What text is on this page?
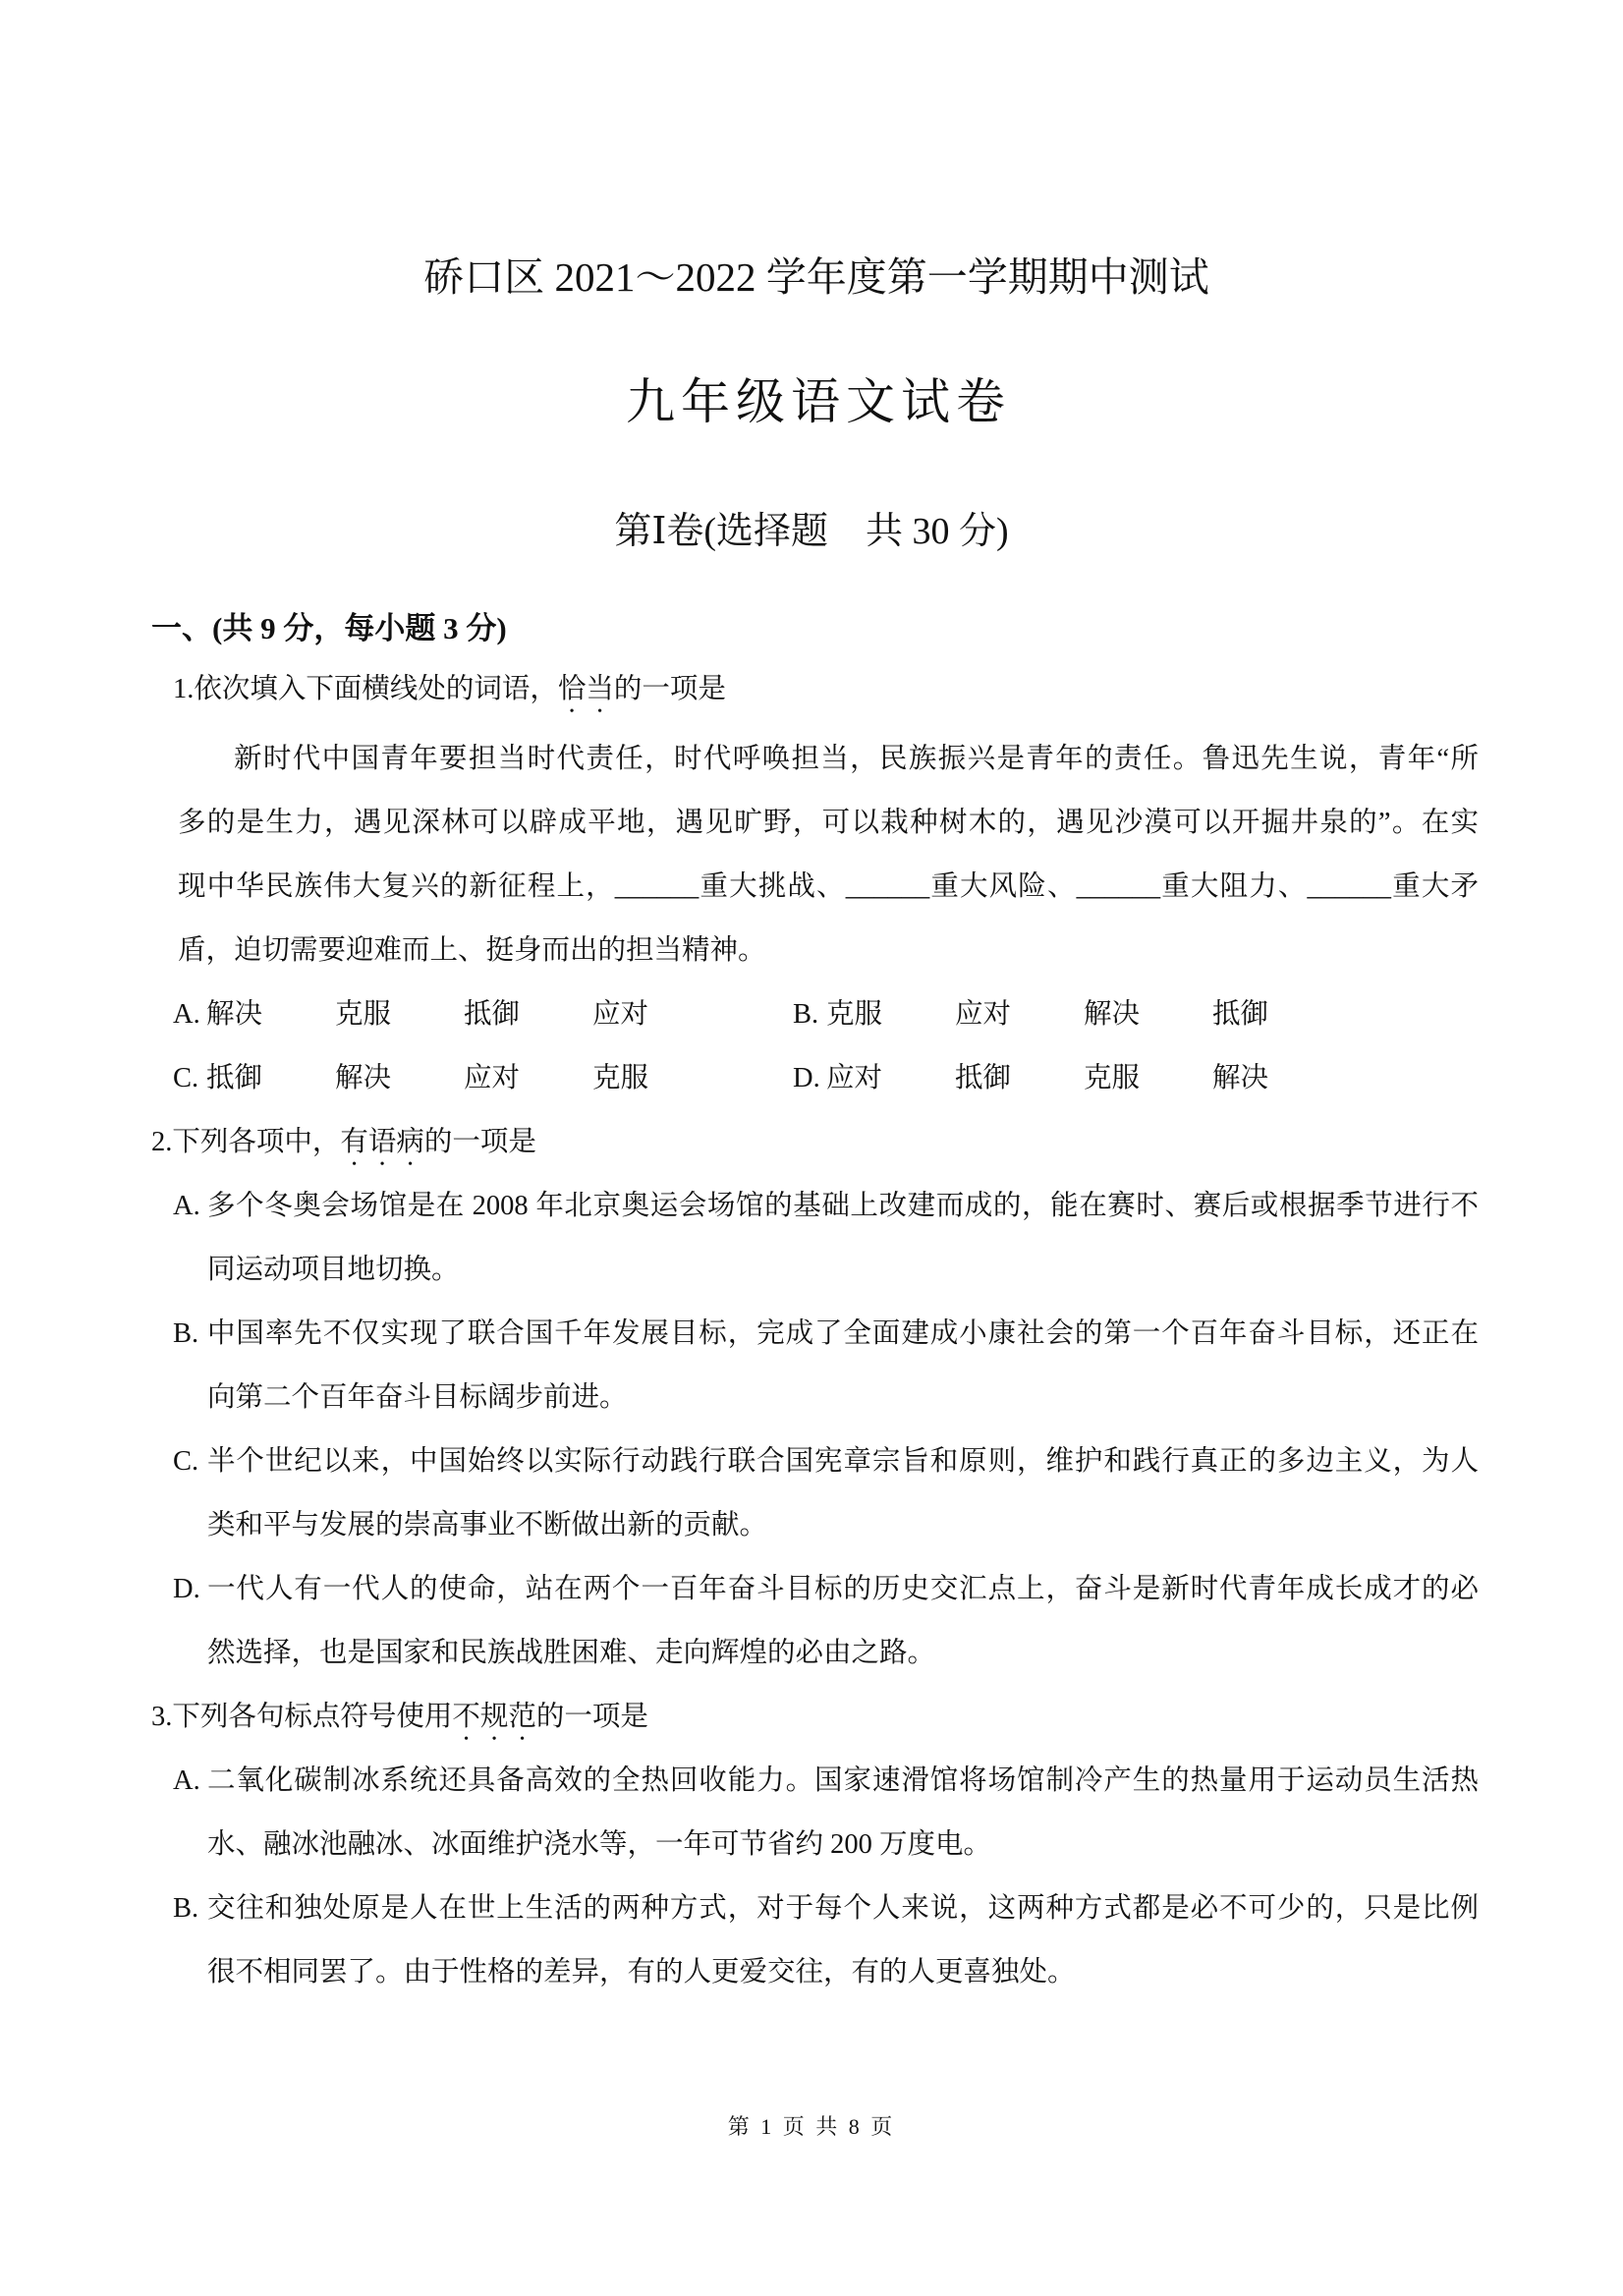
硚口区 2021～2022 学年度第一学期期中测试
九年级语文试卷
第Ⅰ卷(选择题　共 30 分)
一、(共 9 分，每小题 3 分)
1.依次填入下面横线处的词语，恰当的一项是
新时代中国青年要担当时代责任，时代呼唤担当，民族振兴是青年的责任。鲁迅先生说，青年“所
多的是生力，遇见深林可以辟成平地，遇见旷野，可以栽种树木的，遇见沙漠可以开掘井泉的”。在实
现中华民族伟大复兴的新征程上，______重大挑战、______重大风险、______重大阻力、______重大矛
盾，迫切需要迎难而上、挺身而出的担当精神。
A. 解决	克服	抵御	应对	B. 克服	应对	解决	抵御
C. 抵御	解决	应对	克服	D. 应对	抵御	克服	解决
2.下列各项中，有语病的一项是
A. 多个冬奥会场馆是在 2008 年北京奥运会场馆的基础上改建而成的，能在赛时、赛后或根据季节进行不
同运动项目地切换。
B. 中国率先不仅实现了联合国千年发展目标，完成了全面建成小康社会的第一个百年奋斗目标，还正在
向第二个百年奋斗目标阔步前进。
C. 半个世纪以来，中国始终以实际行动践行联合国宪章宗旨和原则，维护和践行真正的多边主义，为人
类和平与发展的崇高事业不断做出新的贡献。
D. 一代人有一代人的使命，站在两个一百年奋斗目标的历史交汇点上，奋斗是新时代青年成长成才的必
然选择，也是国家和民族战胜困难、走向辉煌的必由之路。
3.下列各句标点符号使用不规范的一项是
A. 二氧化碳制冰系统还具备高效的全热回收能力。国家速滑馆将场馆制冷产生的热量用于运动员生活热
水、融冰池融冰、冰面维护浇水等，一年可节省约 200 万度电。
B. 交往和独处原是人在世上生活的两种方式，对于每个人来说，这两种方式都是必不可少的，只是比例
很不相同罢了。由于性格的差异，有的人更爱交往，有的人更喜独处。
第 1 页 共 8 页
